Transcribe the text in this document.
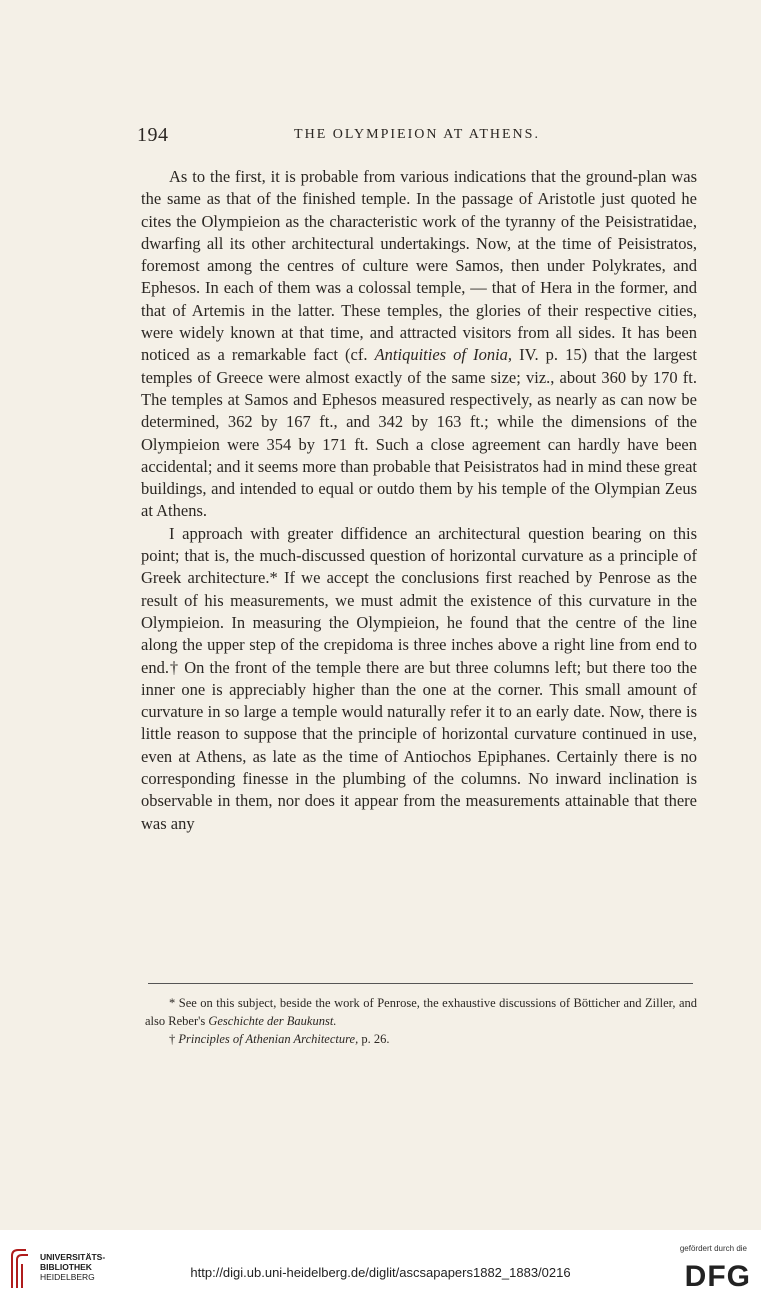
194	THE OLYMPIEION AT ATHENS.

As to the first, it is probable from various indications that the ground-plan was the same as that of the finished temple. In the passage of Aristotle just quoted he cites the Olympieion as the characteristic work of the tyranny of the Peisistratidae, dwarfing all its other architectural undertakings. Now, at the time of Peisistratos, foremost among the centres of culture were Samos, then under Polykrates, and Ephesos. In each of them was a colossal temple, — that of Hera in the former, and that of Artemis in the latter. These temples, the glories of their respective cities, were widely known at that time, and attracted visitors from all sides. It has been noticed as a remarkable fact (cf. Antiquities of Ionia, IV. p. 15) that the largest temples of Greece were almost exactly of the same size; viz., about 360 by 170 ft. The temples at Samos and Ephesos measured respectively, as nearly as can now be determined, 362 by 167 ft., and 342 by 163 ft.; while the dimensions of the Olympieion were 354 by 171 ft. Such a close agreement can hardly have been accidental; and it seems more than probable that Peisistratos had in mind these great buildings, and intended to equal or outdo them by his temple of the Olympian Zeus at Athens.

I approach with greater diffidence an architectural question bearing on this point; that is, the much-discussed question of horizontal curvature as a principle of Greek architecture.* If we accept the conclusions first reached by Penrose as the result of his measurements, we must admit the existence of this curvature in the Olympieion. In measuring the Olympieion, he found that the centre of the line along the upper step of the crepidoma is three inches above a right line from end to end.† On the front of the temple there are but three columns left; but there too the inner one is appreciably higher than the one at the corner. This small amount of curvature in so large a temple would naturally refer it to an early date. Now, there is little reason to suppose that the principle of horizontal curvature continued in use, even at Athens, as late as the time of Antiochos Epiphanes. Certainly there is no corresponding finesse in the plumbing of the columns. No inward inclination is observable in them, nor does it appear from the measurements attainable that there was any

* See on this subject, beside the work of Penrose, the exhaustive discussions of Bötticher and Ziller, and also Reber's Geschichte der Baukunst.

† Principles of Athenian Architecture, p. 26.

UNIVERSITÄTS-
BIBLIOTHEK
HEIDELBERG	http://digi.ub.uni-heidelberg.de/diglit/ascsapapers1882_1883/0216
gefördert durch die
DFG
